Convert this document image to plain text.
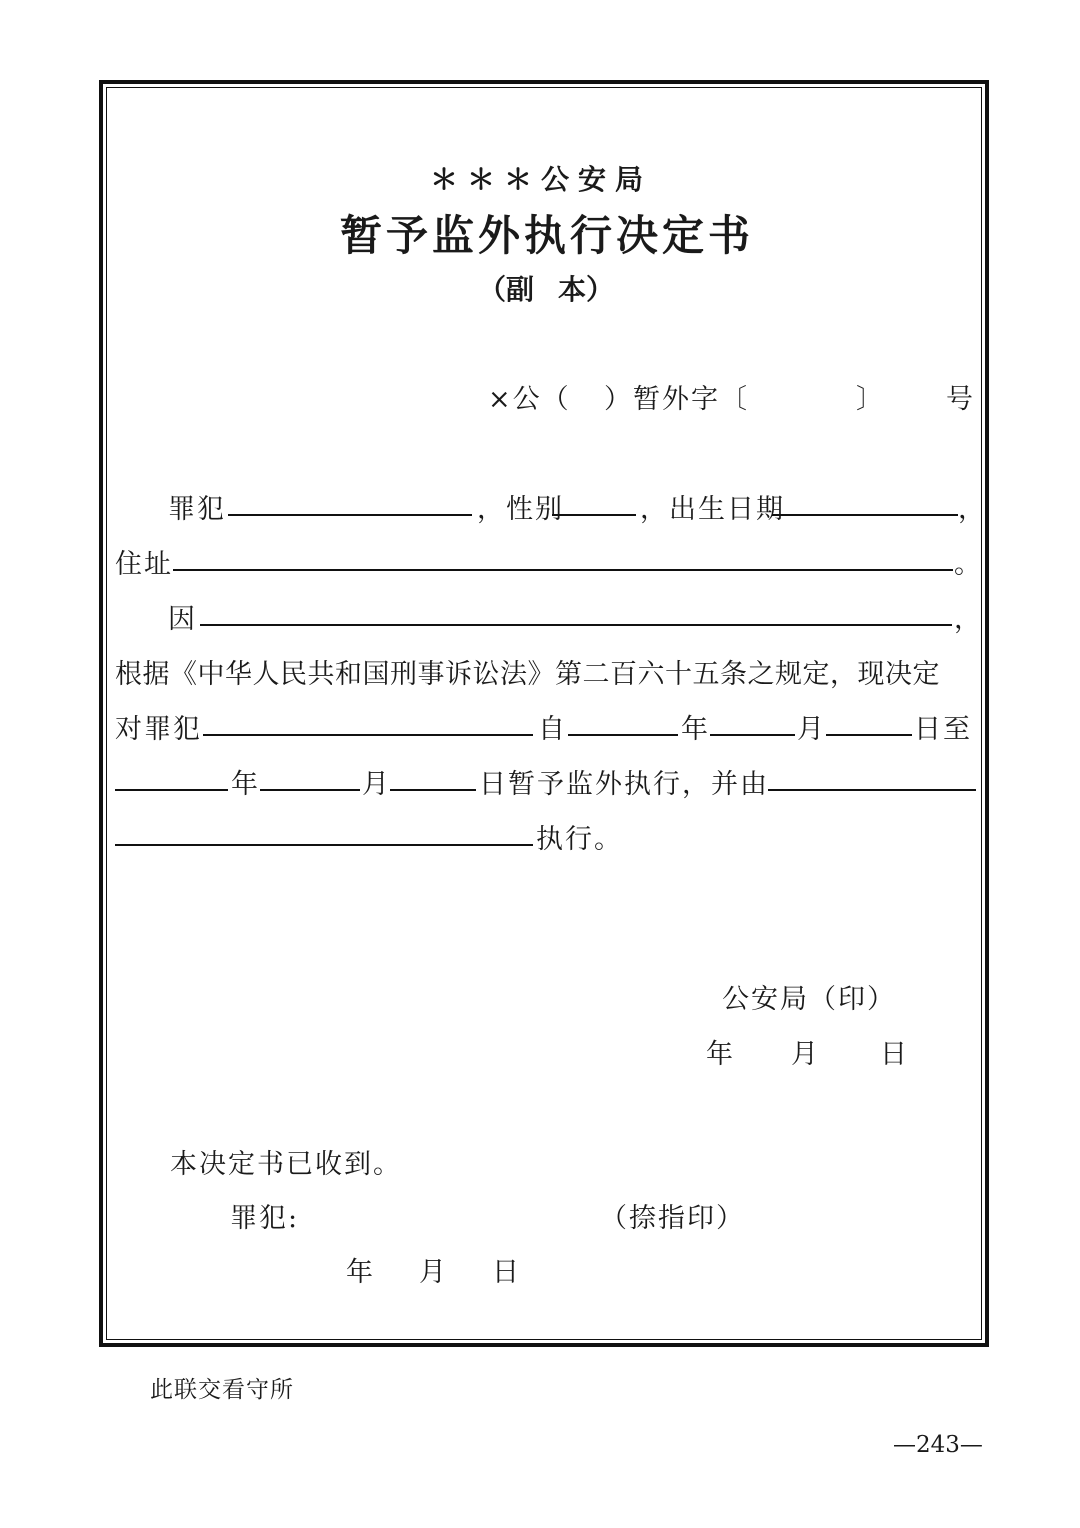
＊＊＊公安局
暂予监外执行决定书
（副 本）
×公（ ）暂外字〔	〕 号
罪犯	，性别	，出生日期	，
住址	。
因	，
根据《中华人民共和国刑事诉讼法》第二百六十五条之规定，现决定
对罪犯	自	年	月	日至
年	月	日暂予监外执行，并由
执行。
公安局（印）
年 月 日
本决定书已收到。
罪犯:	（捺指印）
年 月 日
此联交看守所
—243—
